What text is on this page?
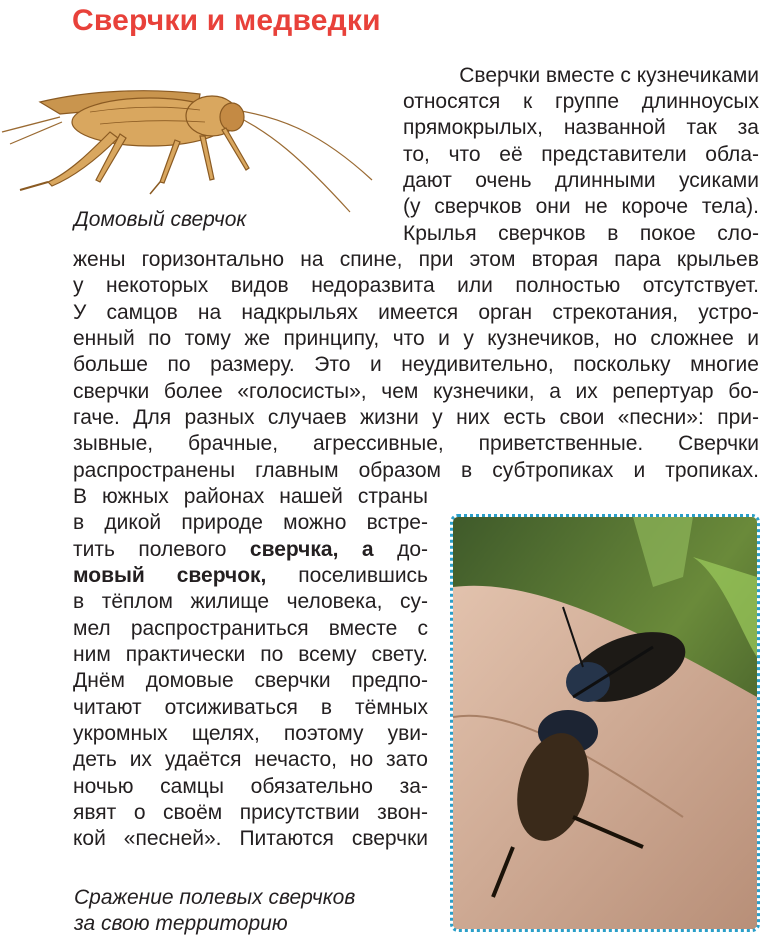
Сверчки и медведки
Домовый сверчок
Сверчки вместе с кузнечиками
относятся к группе длинноусых
прямокрылых, названной так за
то, что её представители обла-
дают очень длинными усиками
(у сверчков они не короче тела).
Крылья сверчков в покое сло-
жены горизонтально на спине, при этом вторая пара крыльев
у некоторых видов недоразвита или полностью отсутствует.
У самцов на надкрыльях имеется орган стрекотания, устро-
енный по тому же принципу, что и у кузнечиков, но сложнее и
больше по размеру. Это и неудивительно, поскольку многие
сверчки более «голосисты», чем кузнечики, а их репертуар бо-
гаче. Для разных случаев жизни у них есть свои «песни»: при-
зывные, брачные, агрессивные, приветственные. Сверчки
распространены главным образом в субтропиках и тропиках.
В южных районах нашей страны
в дикой природе можно встре-
тить полевого сверчка, а до-
мовый сверчок, поселившись
в тёплом жилище человека, су-
мел распространиться вместе с
ним практически по всему свету.
Днём домовые сверчки предпо-
читают отсиживаться в тёмных
укромных щелях, поэтому уви-
деть их удаётся нечасто, но зато
ночью самцы обязательно за-
явят о своём присутствии звон-
кой «песней». Питаются сверчки
Сражение полевых сверчков
за свою территорию
